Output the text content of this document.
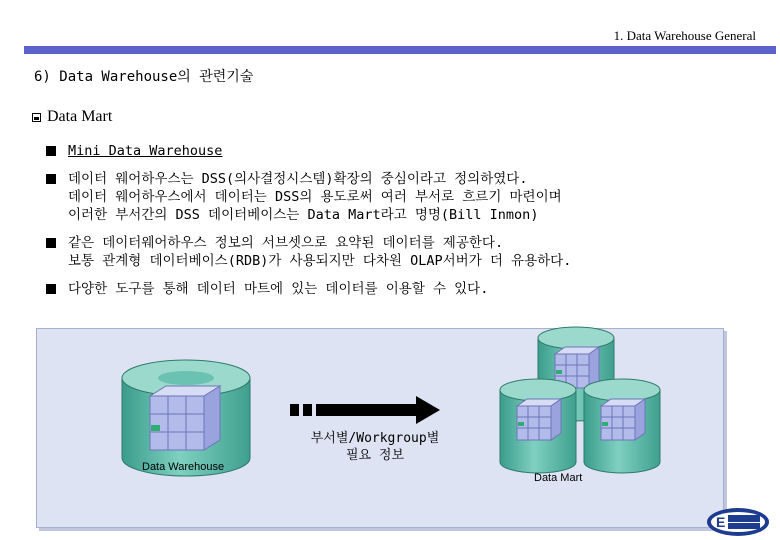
1. Data Warehouse General
6) Data Warehouse의 관련기술
Data Mart
Mini Data Warehouse
데이터 웨어하우스는 DSS(의사결정시스템)확장의 중심이라고 정의하였다.
데이터 웨어하우스에서 데이터는 DSS의 용도로써 여러 부서로 흐르기 마련이며
이러한 부서간의 DSS 데이터베이스는 Data Mart라고 명명(Bill Inmon)
같은 데이터웨어하우스 정보의 서브셋으로 요약된 데이터를 제공한다.
보통 관계형 데이터베이스(RDB)가 사용되지만 다차원 OLAP서버가 더 유용하다.
다양한 도구를 통해 데이터 마트에 있는 데이터를 이용할 수 있다.
Data Warehouse
부서별/Workgroup별
필요 정보
Data Mart
E
